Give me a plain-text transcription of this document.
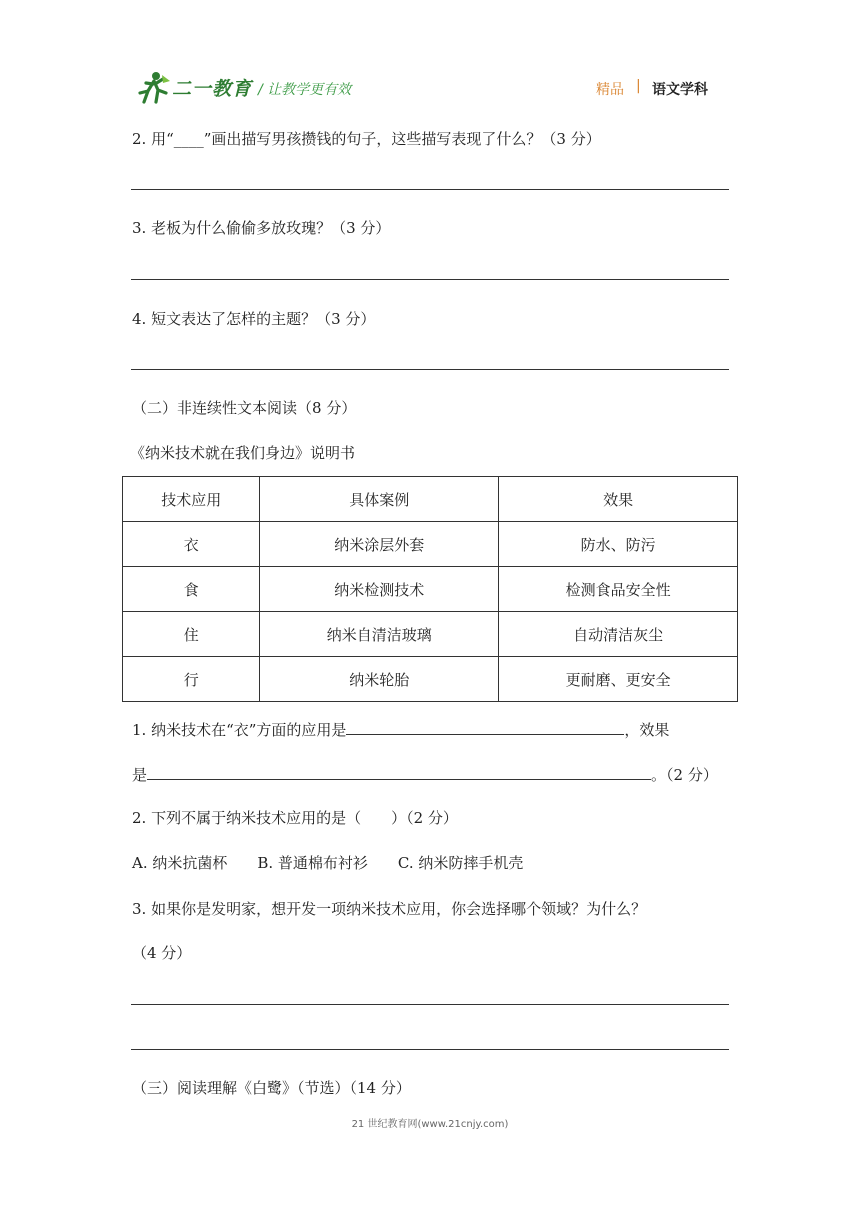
二一教育 / 让教学更有效	精品 | 语文学科
2. 用“____”画出描写男孩攒钱的句子，这些描写表现了什么？（3 分）
3. 老板为什么偷偷多放玫瑰？（3 分）
4. 短文表达了怎样的主题？（3 分）
（二）非连续性文本阅读（8 分）
《纳米技术就在我们身边》说明书
技术应用	具体案例	效果
衣	纳米涂层外套	防水、防污
食	纳米检测技术	检测食品安全性
住	纳米自清洁玻璃	自动清洁灰尘
行	纳米轮胎	更耐磨、更安全
1. 纳米技术在“衣”方面的应用是	，效果
是	。（2 分）
2. 下列不属于纳米技术应用的是（　　）（2 分）
A. 纳米抗菌杯　　B. 普通棉布衬衫　　C. 纳米防摔手机壳
3. 如果你是发明家，想开发一项纳米技术应用，你会选择哪个领域？为什么？
（4 分）
（三）阅读理解《白鹭》（节选）（14 分）
21 世纪教育网(www.21cnjy.com)
